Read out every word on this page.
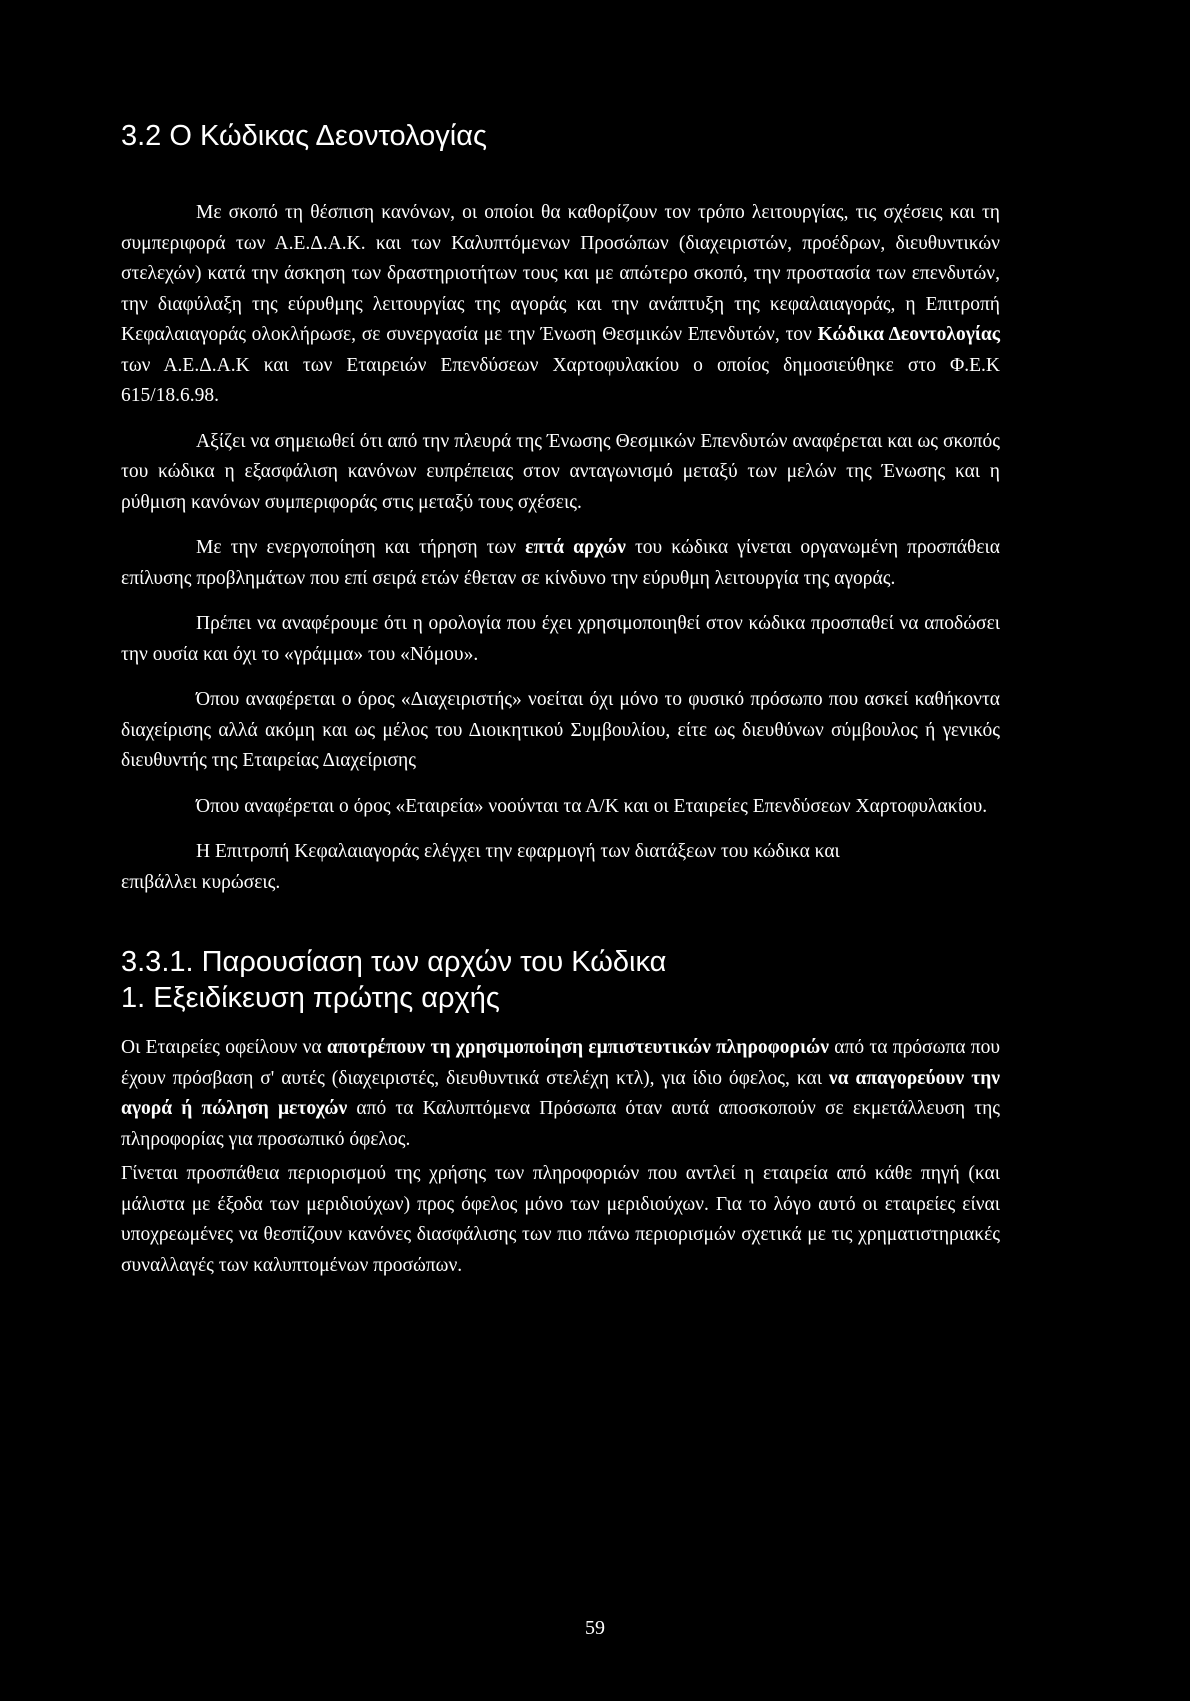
3.2 Ο Κώδικας Δεοντολογίας

Με σκοπό τη θέσπιση κανόνων, οι οποίοι θα καθορίζουν τον τρόπο λειτουργίας, τις σχέσεις και τη συμπεριφορά των Α.Ε.Δ.Α.Κ. και των Καλυπτόμενων Προσώπων (διαχειριστών, προέδρων, διευθυντικών στελεχών) κατά την άσκηση των δραστηριοτήτων τους και με απώτερο σκοπό, την προστασία των επενδυτών, την διαφύλαξη της εύρυθμης λειτουργίας της αγοράς και την ανάπτυξη της κεφαλαιαγοράς, η Επιτροπή Κεφαλαιαγοράς ολοκλήρωσε, σε συνεργασία με την Ένωση Θεσμικών Επενδυτών, τον Κώδικα Δεοντολογίας των Α.Ε.Δ.Α.Κ και των Εταιρειών Επενδύσεων Χαρτοφυλακίου ο οποίος δημοσιεύθηκε στο Φ.Ε.Κ 615/18.6.98.

Αξίζει να σημειωθεί ότι από την πλευρά της Ένωσης Θεσμικών Επενδυτών αναφέρεται και ως σκοπός του κώδικα η εξασφάλιση κανόνων ευπρέπειας στον ανταγωνισμό μεταξύ των μελών της Ένωσης και η ρύθμιση κανόνων συμπεριφοράς στις μεταξύ τους σχέσεις.

Με την ενεργοποίηση και τήρηση των επτά αρχών του κώδικα γίνεται οργανωμένη προσπάθεια επίλυσης προβλημάτων που επί σειρά ετών έθεταν σε κίνδυνο την εύρυθμη λειτουργία της αγοράς.

Πρέπει να αναφέρουμε ότι η ορολογία που έχει χρησιμοποιηθεί στον κώδικα προσπαθεί να αποδώσει την ουσία και όχι το «γράμμα» του «Νόμου».

Όπου αναφέρεται ο όρος «Διαχειριστής» νοείται όχι μόνο το φυσικό πρόσωπο που ασκεί καθήκοντα διαχείρισης αλλά ακόμη και ως μέλος του Διοικητικού Συμβουλίου, είτε ως διευθύνων σύμβουλος ή γενικός διευθυντής της Εταιρείας Διαχείρισης

Όπου αναφέρεται ο όρος «Εταιρεία» νοούνται τα Α/Κ και οι Εταιρείες Επενδύσεων Χαρτοφυλακίου.

Η Επιτροπή Κεφαλαιαγοράς ελέγχει την εφαρμογή των διατάξεων του κώδικα και επιβάλλει κυρώσεις.

3.3.1. Παρουσίαση των αρχών του Κώδικα
1. Εξειδίκευση πρώτης αρχής

Οι Εταιρείες οφείλουν να αποτρέπουν τη χρησιμοποίηση εμπιστευτικών πληροφοριών από τα πρόσωπα που έχουν πρόσβαση σ' αυτές (διαχειριστές, διευθυντικά στελέχη κτλ), για ίδιο όφελος, και να απαγορεύουν την αγορά ή πώληση μετοχών από τα Καλυπτόμενα Πρόσωπα όταν αυτά αποσκοπούν σε εκμετάλλευση της πληροφορίας για προσωπικό όφελος.

Γίνεται προσπάθεια περιορισμού της χρήσης των πληροφοριών που αντλεί η εταιρεία από κάθε πηγή (και μάλιστα με έξοδα των μεριδιούχων) προς όφελος μόνο των μεριδιούχων. Για το λόγο αυτό οι εταιρείες είναι υποχρεωμένες να θεσπίζουν κανόνες διασφάλισης των πιο πάνω περιορισμών σχετικά με τις χρηματιστηριακές συναλλαγές των καλυπτομένων προσώπων.

59
